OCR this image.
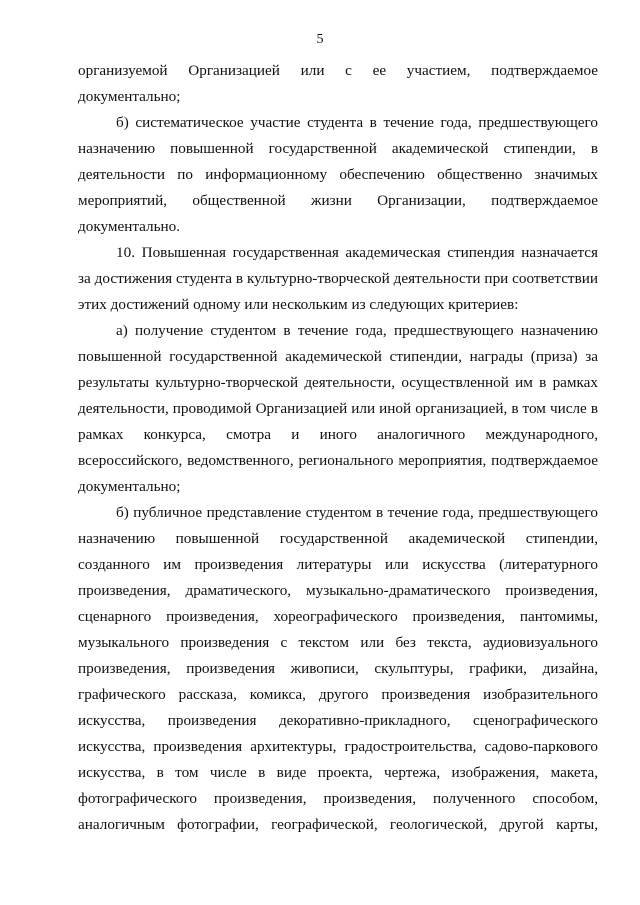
5
организуемой Организацией или с ее участием, подтверждаемое
документально;
б) систематическое участие студента в течение года, предшествующего
назначению повышенной государственной академической стипендии, в
деятельности по информационному обеспечению общественно значимых
мероприятий, общественной жизни Организации, подтверждаемое
документально.
10. Повышенная государственная академическая стипендия назначается
за достижения студента в культурно-творческой деятельности при соответствии
этих достижений одному или нескольким из следующих критериев:
а) получение студентом в течение года, предшествующего назначению
повышенной государственной академической стипендии, награды (приза) за
результаты культурно-творческой деятельности, осуществленной им в рамках
деятельности, проводимой Организацией или иной организацией, в том числе в
рамках конкурса, смотра и иного аналогичного международного,
всероссийского, ведомственного, регионального мероприятия, подтверждаемое
документально;
б) публичное представление студентом в течение года, предшествующего
назначению повышенной государственной академической стипендии,
созданного им произведения литературы или искусства (литературного
произведения, драматического, музыкально-драматического произведения,
сценарного произведения, хореографического произведения, пантомимы,
музыкального произведения с текстом или без текста, аудиовизуального
произведения, произведения живописи, скульптуры, графики, дизайна,
графического рассказа, комикса, другого произведения изобразительного
искусства, произведения декоративно-прикладного, сценографического
искусства, произведения архитектуры, градостроительства, садово-паркового
искусства, в том числе в виде проекта, чертежа, изображения, макета,
фотографического произведения, произведения, полученного способом,
аналогичным фотографии, географической, геологической, другой карты,
